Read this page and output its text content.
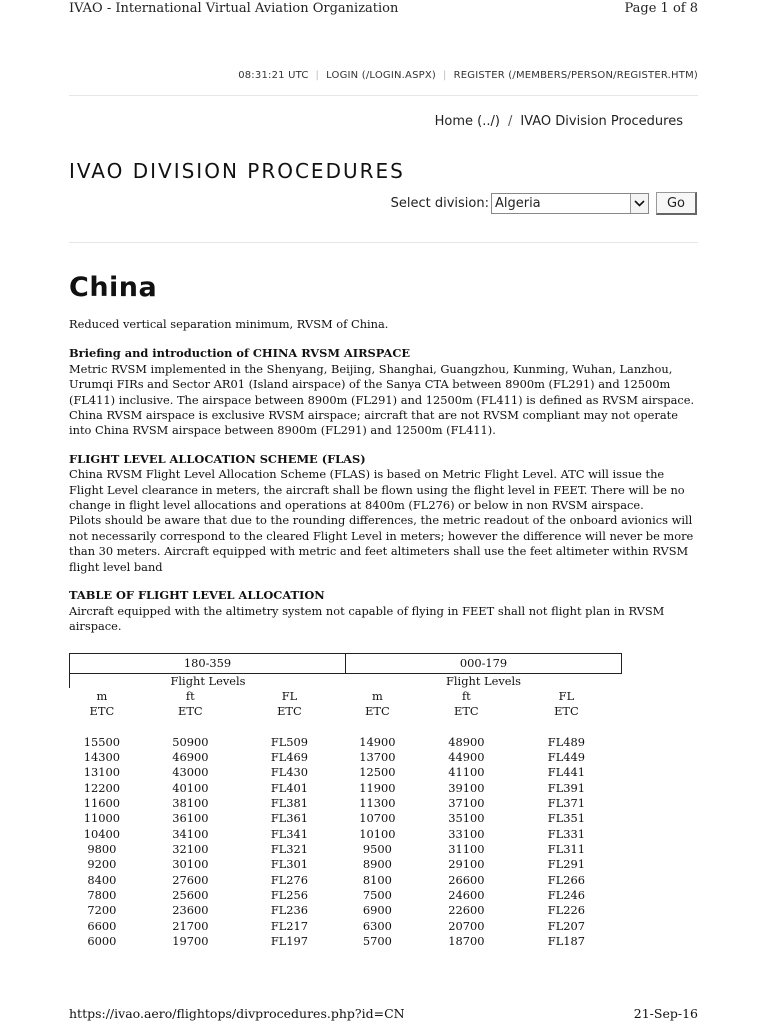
IVAO - International Virtual Aviation Organization	Page 1 of 8
08:31:21 UTC | LOGIN (/LOGIN.ASPX) | REGISTER (/MEMBERS/PERSON/REGISTER.HTM)
Home (../) / IVAO Division Procedures
IVAO DIVISION PROCEDURES
Select division: Algeria	Go
China

Reduced vertical separation minimum, RVSM of China.

Briefing and introduction of CHINA RVSM AIRSPACE

Metric RVSM implemented in the Shenyang, Beijing, Shanghai, Guangzhou, Kunming, Wuhan, Lanzhou,

Urumqi FIRs and Sector AR01 (Island airspace) of the Sanya CTA between 8900m (FL291) and 12500m

(FL411) inclusive. The airspace between 8900m (FL291) and 12500m (FL411) is defined as RVSM airspace.

China RVSM airspace is exclusive RVSM airspace; aircraft that are not RVSM compliant may not operate

into China RVSM airspace between 8900m (FL291) and 12500m (FL411).

FLIGHT LEVEL ALLOCATION SCHEME (FLAS)

China RVSM Flight Level Allocation Scheme (FLAS) is based on Metric Flight Level. ATC will issue the

Flight Level clearance in meters, the aircraft shall be flown using the flight level in FEET. There will be no

change in flight level allocations and operations at 8400m (FL276) or below in non RVSM airspace.

Pilots should be aware that due to the rounding differences, the metric readout of the onboard avionics will

not necessarily correspond to the cleared Flight Level in meters; however the difference will never be more

than 30 meters. Aircraft equipped with metric and feet altimeters shall use the feet altimeter within RVSM

flight level band

TABLE OF FLIGHT LEVEL ALLOCATION

Aircraft equipped with the altimetry system not capable of flying in FEET shall not flight plan in RVSM

airspace.

180-359	000-179
Flight Levels	Flight Levels
m	ft	FL	m	ft	FL
ETC	ETC	ETC	ETC	ETC	ETC
15500	50900	FL509	14900	48900	FL489
14300	46900	FL469	13700	44900	FL449
13100	43000	FL430	12500	41100	FL441
12200	40100	FL401	11900	39100	FL391
11600	38100	FL381	11300	37100	FL371
11000	36100	FL361	10700	35100	FL351
10400	34100	FL341	10100	33100	FL331
9800	32100	FL321	9500	31100	FL311
9200	30100	FL301	8900	29100	FL291
8400	27600	FL276	8100	26600	FL266
7800	25600	FL256	7500	24600	FL246
7200	23600	FL236	6900	22600	FL226
6600	21700	FL217	6300	20700	FL207
6000	19700	FL197	5700	18700	FL187
https://ivao.aero/flightops/divprocedures.php?id=CN	21-Sep-16
